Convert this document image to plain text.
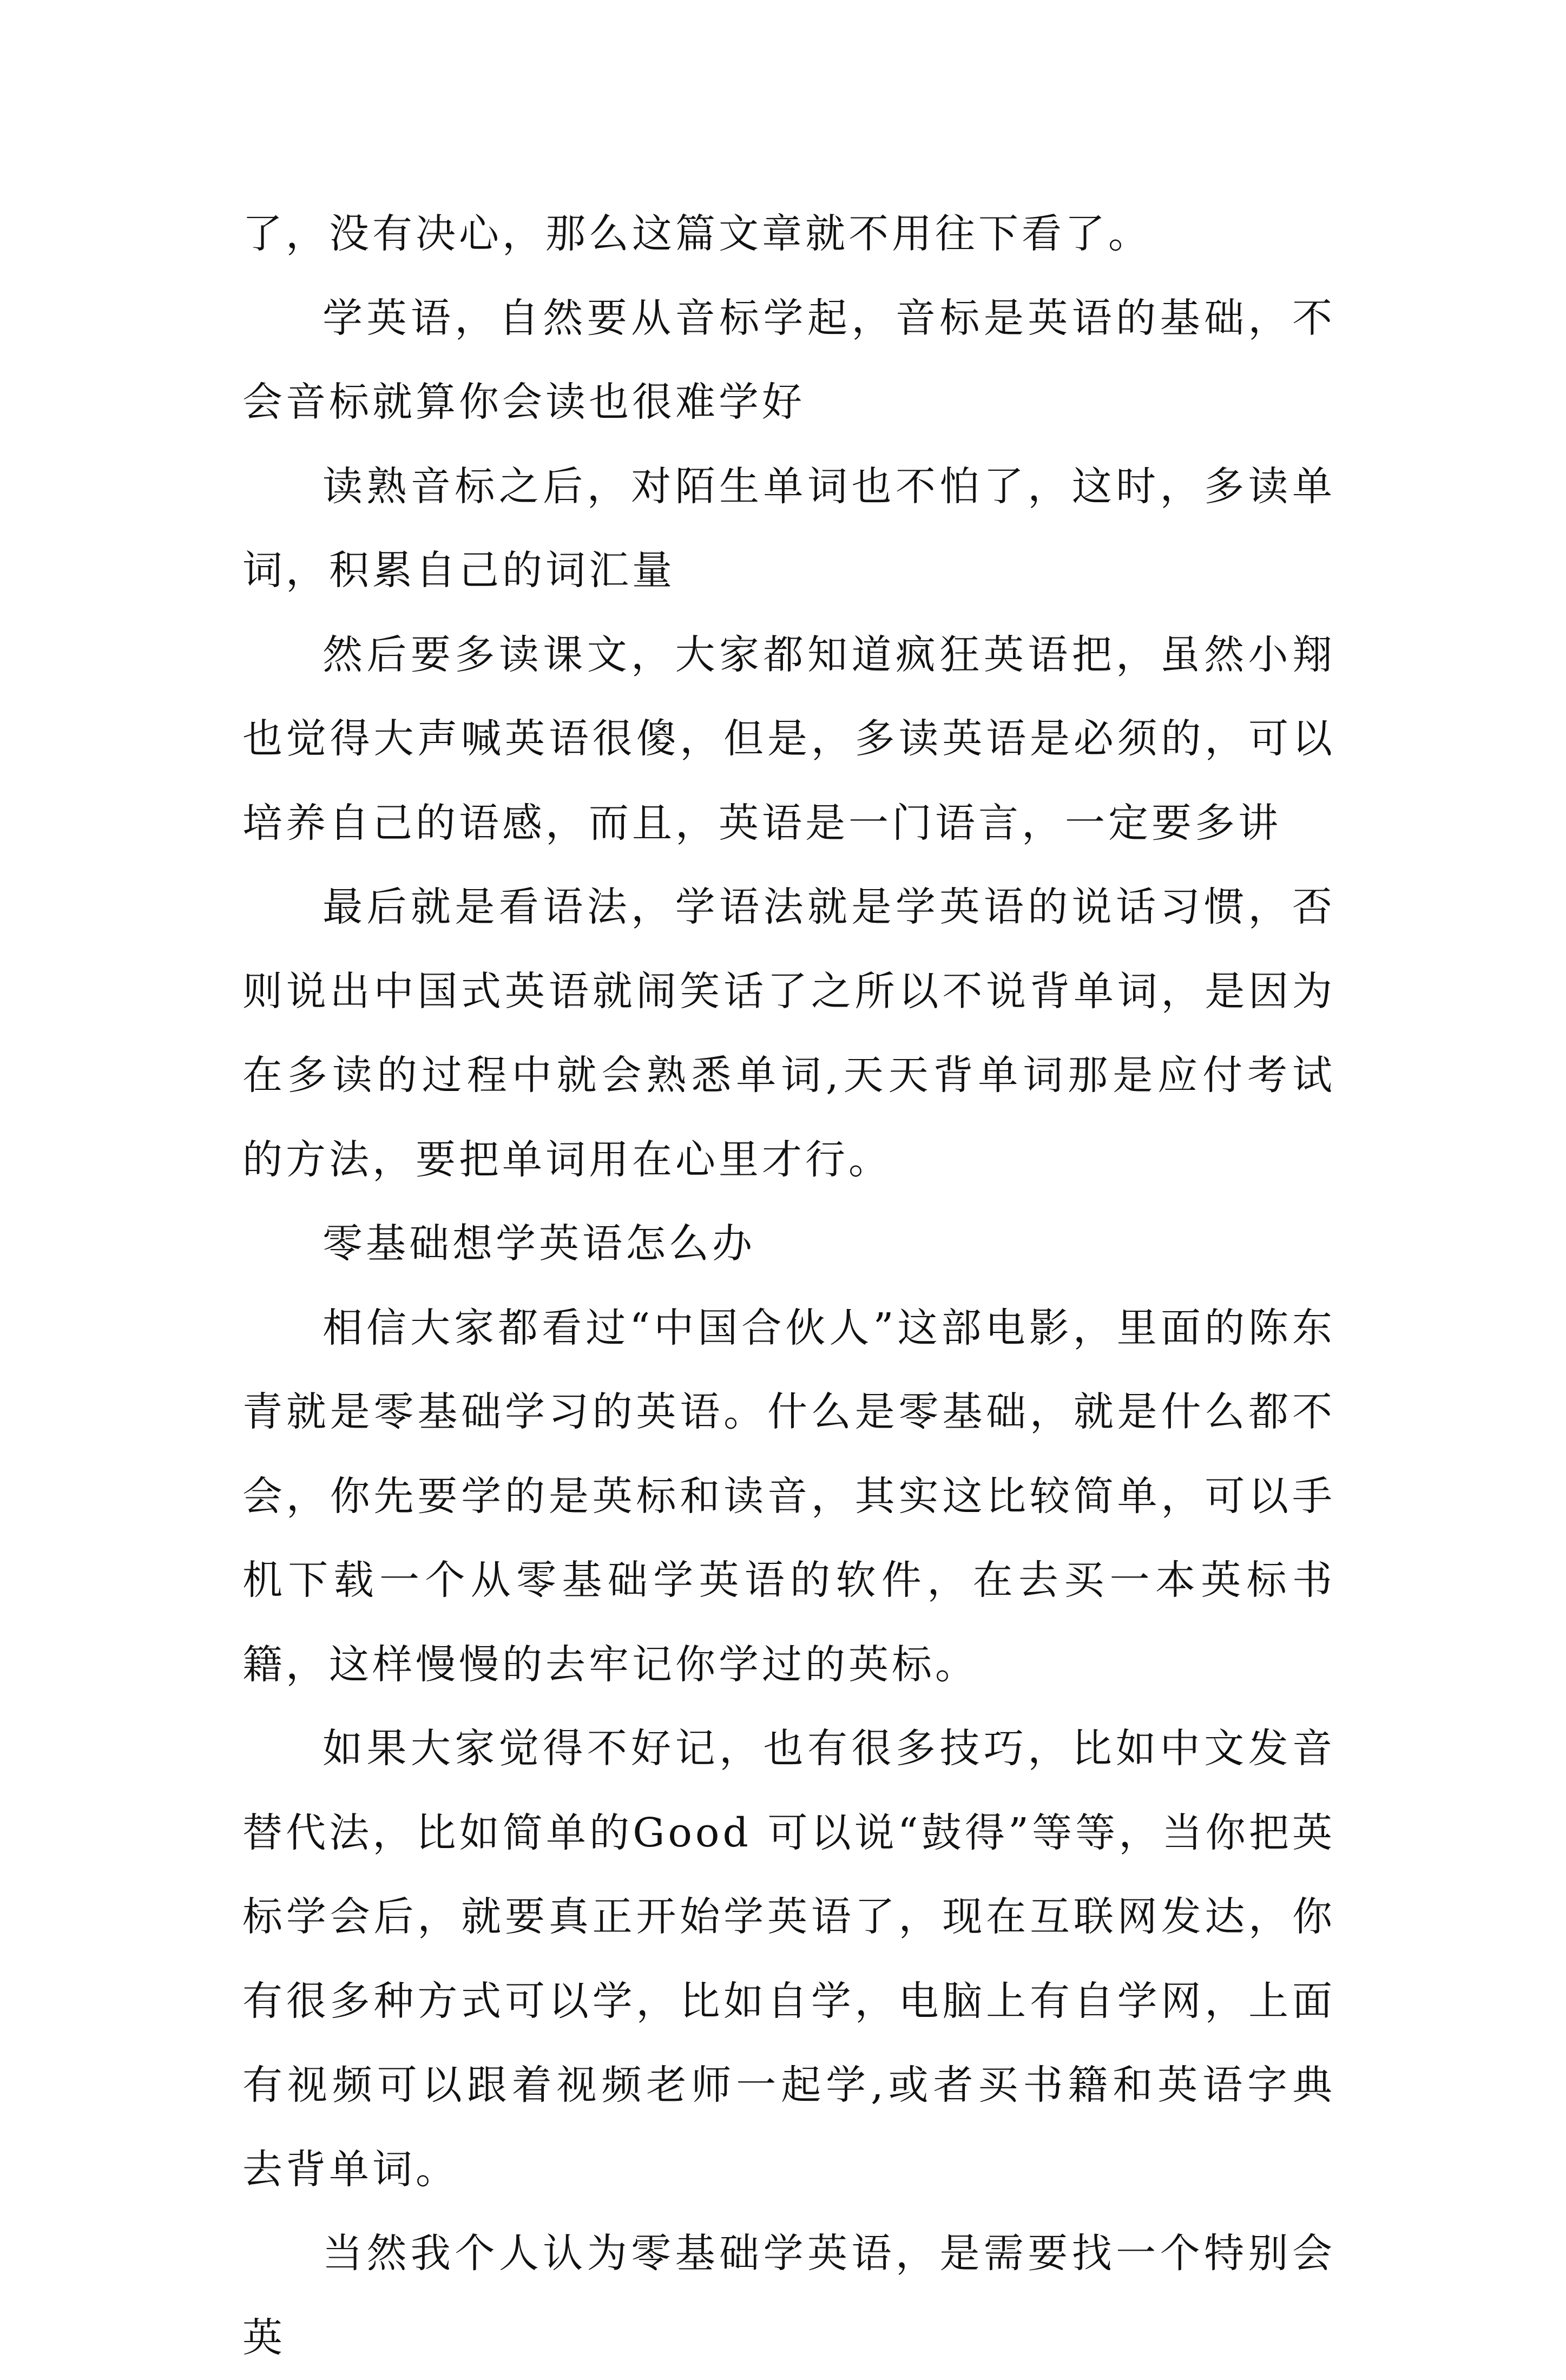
了，没有决心，那么这篇文章就不用往下看了。

学英语，自然要从音标学起，音标是英语的基础，不会音标就算你会读也很难学好

读熟音标之后，对陌生单词也不怕了，这时，多读单词，积累自己的词汇量

然后要多读课文，大家都知道疯狂英语把，虽然小翔也觉得大声喊英语很傻，但是，多读英语是必须的，可以培养自己的语感，而且，英语是一门语言，一定要多讲

最后就是看语法，学语法就是学英语的说话习惯，否则说出中国式英语就闹笑话了之所以不说背单词，是因为在多读的过程中就会熟悉单词,天天背单词那是应付考试的方法，要把单词用在心里才行。

零基础想学英语怎么办

相信大家都看过“中国合伙人”这部电影，里面的陈东青就是零基础学习的英语。什么是零基础，就是什么都不会，你先要学的是英标和读音，其实这比较简单，可以手机下载一个从零基础学英语的软件，在去买一本英标书籍，这样慢慢的去牢记你学过的英标。

如果大家觉得不好记，也有很多技巧，比如中文发音替代法，比如简单的Good 可以说“鼓得”等等，当你把英标学会后，就要真正开始学英语了，现在互联网发达，你有很多种方式可以学，比如自学，电脑上有自学网，上面有视频可以跟着视频老师一起学,或者买书籍和英语字典去背单词。

当然我个人认为零基础学英语，是需要找一个特别会英
